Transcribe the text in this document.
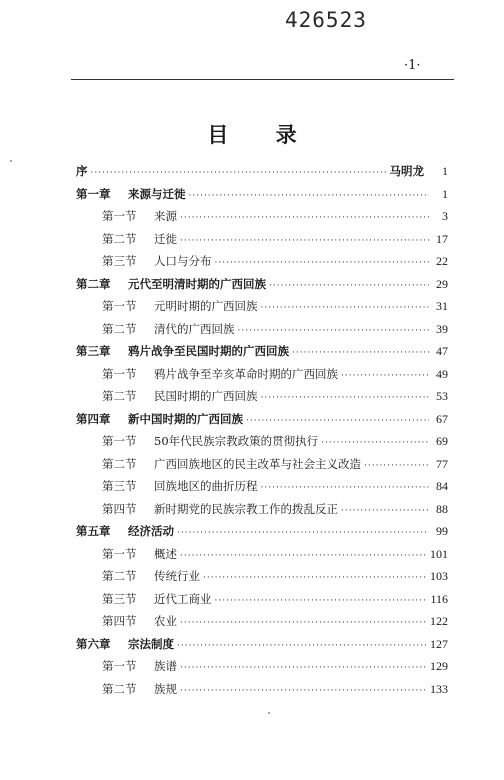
426523
·1·
目 录
序 ·····	马明龙	1
第一章	来源与迁徙 ·····	1
第一节	来源 ·····	3
第二节	迁徙 ·····	17
第三节	人口与分布 ·····	22
第二章	元代至明清时期的广西回族 ·····	29
第一节	元明时期的广西回族 ·····	31
第二节	清代的广西回族 ·····	39
第三章	鸦片战争至民国时期的广西回族 ·····	47
第一节	鸦片战争至辛亥革命时期的广西回族 ·····	49
第二节	民国时期的广西回族 ·····	53
第四章	新中国时期的广西回族 ·····	67
第一节	50年代民族宗教政策的贯彻执行 ·····	69
第二节	广西回族地区的民主改革与社会主义改造 ·····	77
第三节	回族地区的曲折历程 ·····	84
第四节	新时期党的民族宗教工作的拨乱反正 ·····	88
第五章	经济活动 ·····	99
第一节	概述 ·····	101
第二节	传统行业 ·····	103
第三节	近代工商业 ·····	116
第四节	农业 ·····	122
第六章	宗法制度 ·····	127
第一节	族谱 ·····	129
第二节	族规 ·····	133
